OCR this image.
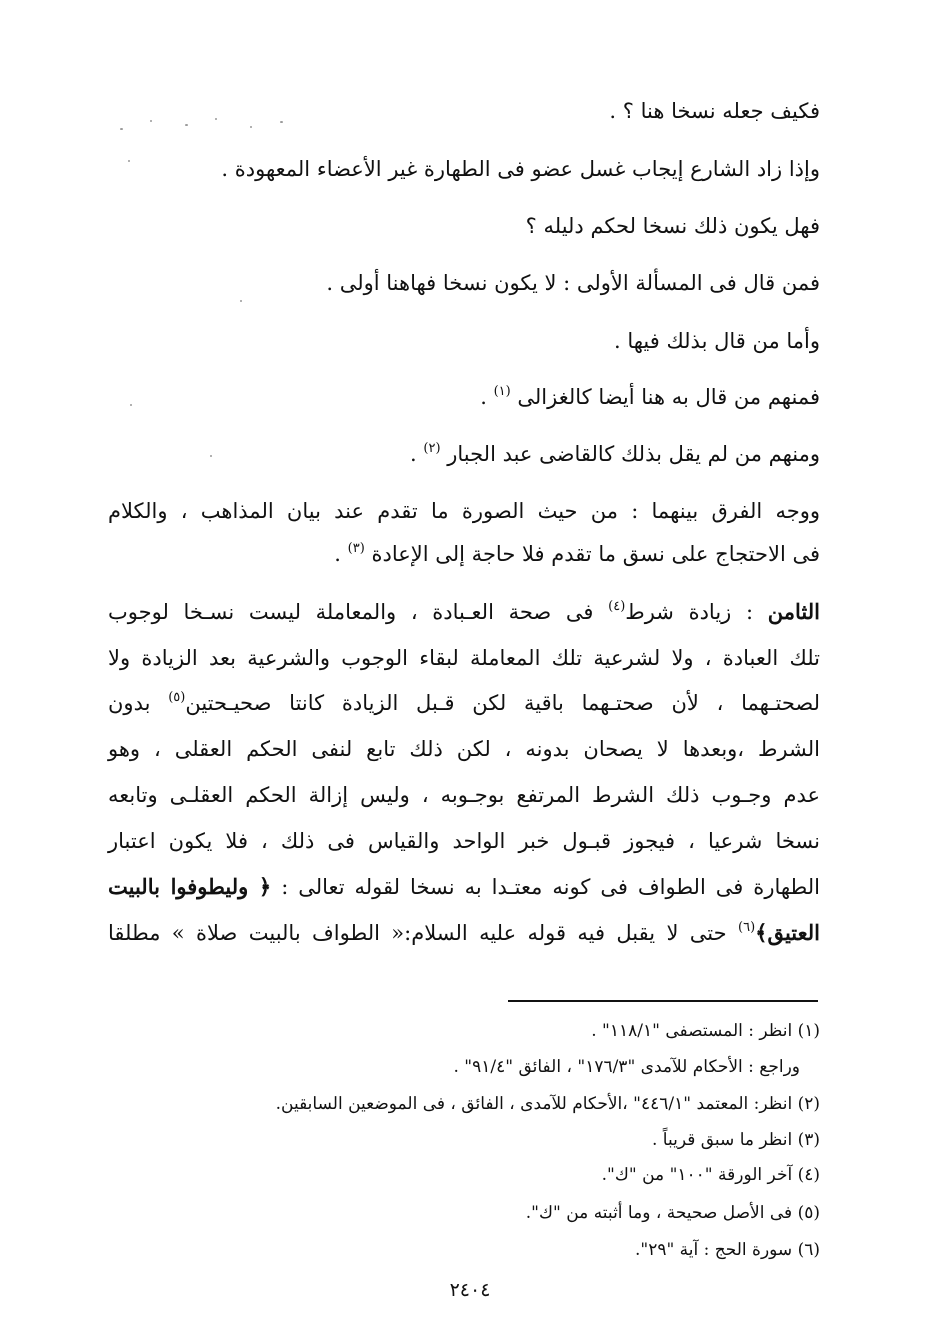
فكيف جعله نسخا هنا ؟ .
وإذا زاد الشارع إيجاب غسل عضو فى الطهارة غير الأعضاء المعهودة .
فهل يكون ذلك نسخا لحكم دليله ؟
فمن قال فى المسألة الأولى : لا يكون نسخا فهاهنا أولى .
وأما من قال بذلك فيها .
فمنهم من قال به هنا أيضا كالغزالى $^{(١)}$ .
ومنهم من لم يقل بذلك كالقاضى عبد الجبار $^{(٢)}$ .
ووجه الفرق بينهما : من حيث الصورة ما تقدم عند بيان المذاهب ، والكلام
فى الاحتجاج على نسق ما تقدم فلا حاجة إلى الإعادة $^{(٣)}$ .
الثامن : زيادة شرط$^{(٤)}$ فى صحة العـبادة ، والمعاملة ليست نسـخا لوجوب
تلك العبادة ، ولا لشرعية تلك المعاملة لبقاء الوجوب والشرعية بعد الزيادة ولا
لصحتـهما ، لأن صحتـهما باقية لكن قـبل الزيادة كانتا صحيـحتين$^{(٥)}$ بدون
الشرط ،وبعدها لا يصحان بدونه ، لكن ذلك تابع لنفى الحكم العقلى ، وهو
عدم وجـوب ذلك الشرط المرتفع بوجـوبه ، وليس إزالة الحكم العقلـى وتابعه
نسخا شرعيا ، فيجوز قبـول خبر الواحد والقياس فى ذلك ، فلا يكون اعتبار
الطهارة فى الطواف فى كونه معتـدا به نسخا لقوله تعالى : ﴿ وليطوفوا بالبيت
العتيق﴾$^{(٦)}$ حتى لا يقبل فيه قوله عليه السلام:« الطواف بالبيت صلاة » مطلقا
(١) انظر : المستصفى "١١٨/١" .
وراجع : الأحكام للآمدى "١٧٦/٣" ، الفائق "٩١/٤" .
(٢) انظر: المعتمد "٤٤٦/١" ،الأحكام للآمدى ، الفائق ، فى الموضعين السابقين.
(٣) انظر ما سبق قريباً .
(٤) آخر الورقة "١٠٠" من "ك".
(٥) فى الأصل صحيحة ، وما أثبته من "ك".
(٦) سورة الحج : آية "٢٩".
٢٤٠٤
